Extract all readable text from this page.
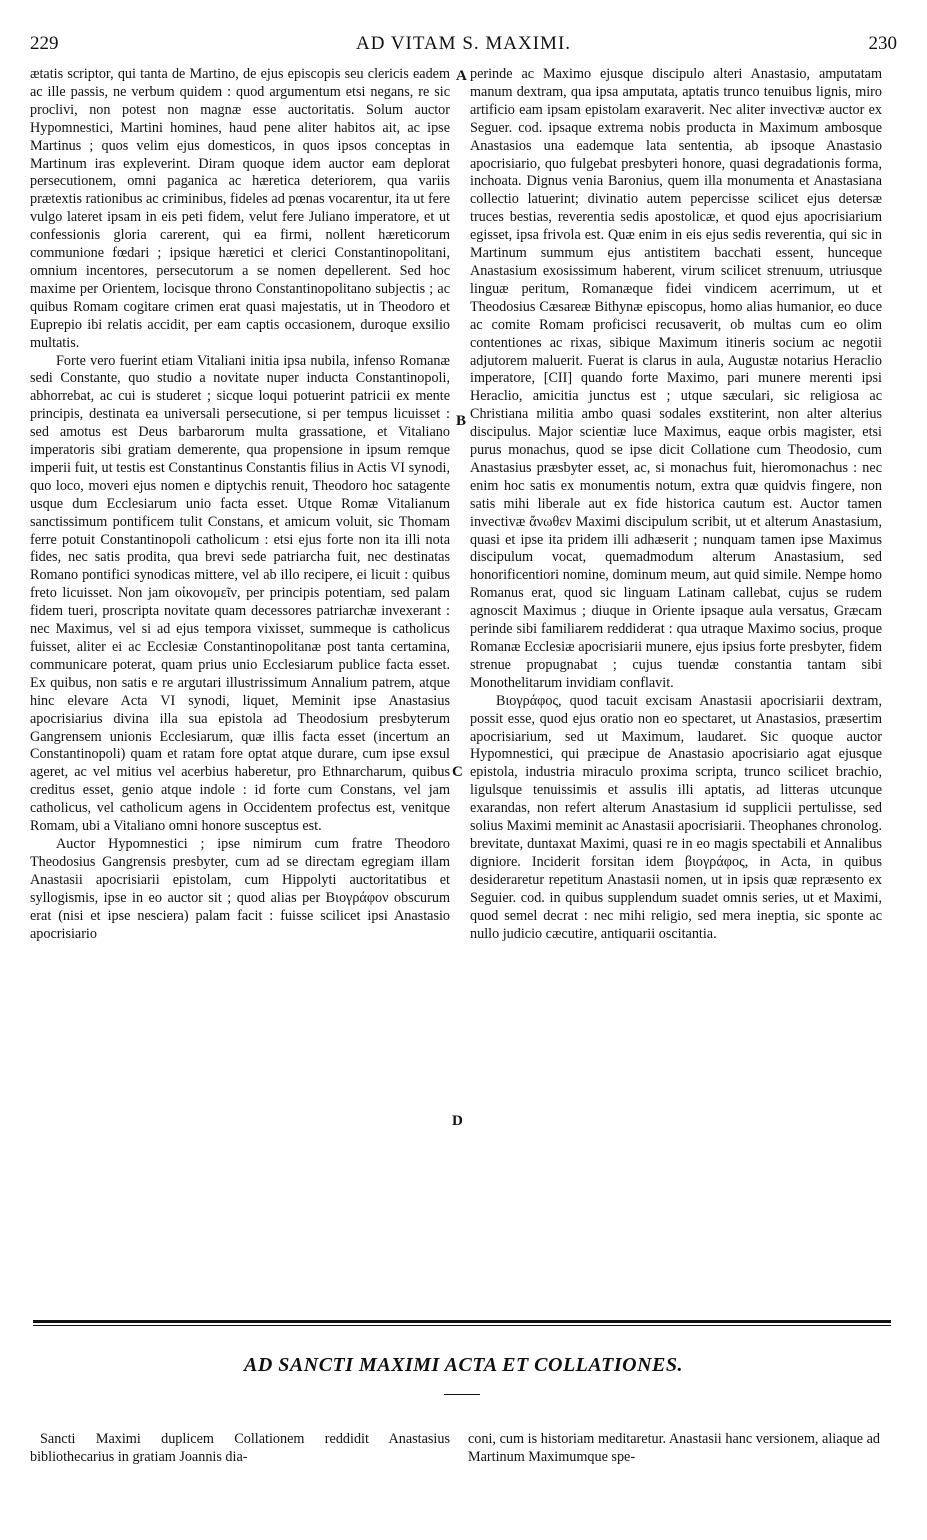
229	AD VITAM S. MAXIMI.	230

ætatis scriptor, qui tanta de Martino, de ejus episcopis seu clericis eadem ac ille passis, ne verbum quidem : quod argumentum etsi negans, re sic proclivi, non potest non magnæ esse auctoritatis. Solum auctor Hypomnestici, Martini homines, haud pene aliter habitos ait, ac ipse Martinus ; quos velim ejus domesticos, in quos ipsos conceptas in Martinum iras expleverint. Diram quoque idem auctor eam deplorat persecutionem, omni paganica ac hæretica deteriorem, qua variis prætextis rationibus ac criminibus, fideles ad pœnas vocarentur, ita ut fere vulgo lateret ipsam in eis peti fidem, velut fere Juliano imperatore, et ut confessionis gloria carerent, qui ea firmi, nollent hæreticorum communione fœdari ; ipsique hæretici et clerici Constantinopolitani, omnium incentores, persecutorum a se nomen depellerent. Sed hoc maxime per Orientem, locisque throno Constantinopolitano subjectis ; ac quibus Romam cogitare crimen erat quasi majestatis, ut in Theodoro et Euprepio ibi relatis accidit, per eam captis occasionem, duroque exsilio multatis.

Forte vero fuerint etiam Vitaliani initia ipsa nubila, infenso Romanæ sedi Constante, quo studio a novitate nuper inducta Constantinopoli, abhorrebat, ac cui is studeret ; sicque loqui potuerint patricii ex mente principis, destinata ea universali persecutione, si per tempus licuisset : sed amotus est Deus barbarorum multa grassatione, et Vitaliano imperatoris sibi gratiam demerente, qua propensione in ipsum remque imperii fuit, ut testis est Constantinus Constantis filius in Actis VI synodi, quo loco, moveri ejus nomen e diptychis renuit, Theodoro hoc satagente usque dum Ecclesiarum unio facta esset. Utque Romæ Vitalianum sanctissimum pontificem tulit Constans, et amicum voluit, sic Thomam ferre potuit Constantinopoli catholicum : etsi ejus forte non ita illi nota fides, nec satis prodita, qua brevi sede patriarcha fuit, nec destinatas Romano pontifici synodicas mittere, vel ab illo recipere, ei licuit : quibus freto licuisset. Non jam οἰκονομεῖν, per principis potentiam, sed palam fidem tueri, proscripta novitate quam decessores patriarchæ invexerant : nec Maximus, vel si ad ejus tempora vixisset, summeque is catholicus fuisset, aliter ei ac Ecclesiæ Constantinopolitanæ post tanta certamina, communicare poterat, quam prius unio Ecclesiarum publice facta esset. Ex quibus, non satis e re argutari illustrissimum Annalium patrem, atque hinc elevare Acta VI synodi, liquet, Meminit ipse Anastasius apocrisiarius divina illa sua epistola ad Theodosium presbyterum Gangrensem unionis Ecclesiarum, quæ illis facta esset (incertum an Constantinopoli) quam et ratam fore optat atque durare, cum ipse exsul ageret, ac vel mitius vel acerbius haberetur, pro Ethnarcharum, quibus creditus esset, genio atque indole : id forte cum Constans, vel jam catholicus, vel catholicum agens in Occidentem profectus est, venitque Romam, ubi a Vitaliano omni honore susceptus est.

Auctor Hypomnestici ; ipse nimirum cum fratre Theodoro Theodosius Gangrensis presbyter, cum ad se directam egregiam illam Anastasii apocrisiarii epistolam, cum Hippolyti auctoritatibus et syllogismis, ipse in eo auctor sit ; quod alias per Βιογράφον obscurum erat (nisi et ipse nesciera) palam facit : fuisse scilicet ipsi Anastasio apocrisiario

A
B
C
D

perinde ac Maximo ejusque discipulo alteri Anastasio, amputatam manum dextram, qua ipsa amputata, aptatis trunco tenuibus lignis, miro artificio eam ipsam epistolam exaraverit. Nec aliter invectivæ auctor ex Seguer. cod. ipsaque extrema nobis producta in Maximum ambosque Anastasios una eademque lata sententia, ab ipsoque Anastasio apocrisiario, quo fulgebat presbyteri honore, quasi degradationis forma, inchoata. Dignus venia Baronius, quem illa monumenta et Anastasiana collectio latuerint; divinatio autem pepercisse scilicet ejus detersæ truces bestias, reverentia sedis apostolicæ, et quod ejus apocrisiarium egisset, ipsa frivola est. Quæ enim in eis ejus sedis reverentia, qui sic in Martinum summum ejus antistitem bacchati essent, hunceque Anastasium exosissimum haberent, virum scilicet strenuum, utriusque linguæ peritum, Romanæque fidei vindicem acerrimum, ut et Theodosius Cæsareæ Bithynæ episcopus, homo alias humanior, eo duce ac comite Romam proficisci recusaverit, ob multas cum eo olim contentiones ac rixas, sibique Maximum itineris socium ac negotii adjutorem maluerit. Fuerat is clarus in aula, Augustæ notarius Heraclio imperatore, [CII] quando forte Maximo, pari munere merenti ipsi Heraclio, amicitia junctus est ; utque sæculari, sic religiosa ac Christiana militia ambo quasi sodales exstiterint, non alter alterius discipulus. Major scientiæ luce Maximus, eaque orbis magister, etsi purus monachus, quod se ipse dicit Collatione cum Theodosio, cum Anastasius præsbyter esset, ac, si monachus fuit, hieromonachus : nec enim hoc satis ex monumentis notum, extra quæ quidvis fingere, non satis mihi liberale aut ex fide historica cautum est. Auctor tamen invectivæ ἄνωθεν Maximi discipulum scribit, ut et alterum Anastasium, quasi et ipse ita pridem illi adhæserit ; nunquam tamen ipse Maximus discipulum vocat, quemadmodum alterum Anastasium, sed honorificentiori nomine, dominum meum, aut quid simile. Nempe homo Romanus erat, quod sic linguam Latinam callebat, cujus se rudem agnoscit Maximus ; diuque in Oriente ipsaque aula versatus, Græcam perinde sibi familiarem reddiderat : qua utraque Maximo socius, proque Romanæ Ecclesiæ apocrisiarii munere, ejus ipsius forte presbyter, fidem strenue propugnabat ; cujus tuendæ constantia tantam sibi Monothelitarum invidiam conflavit.

Βιογράφος, quod tacuit excisam Anastasii apocrisiarii dextram, possit esse, quod ejus oratio non eo spectaret, ut Anastasios, præsertim apocrisiarium, sed ut Maximum, laudaret. Sic quoque auctor Hypomnestici, qui præcipue de Anastasio apocrisiario agat ejusque epistola, industria miraculo proxima scripta, trunco scilicet brachio, ligulsque tenuissimis et assulis illi aptatis, ad litteras utcunque exarandas, non refert alterum Anastasium id supplicii pertulisse, sed solius Maximi meminit ac Anastasii apocrisiarii. Theophanes chronolog. brevitate, duntaxat Maximi, quasi re in eo magis spectabili et Annalibus digniore. Inciderit forsitan idem βιογράφος, in Acta, in quibus desideraretur repetitum Anastasii nomen, ut in ipsis quæ repræsento ex Seguier. cod. in quibus supplendum suadet omnis series, ut et Maximi, quod semel decrat : nec mihi religio, sed mera ineptia, sic sponte ac nullo judicio cæcutire, antiquarii oscitantia.

AD SANCTI MAXIMI ACTA ET COLLATIONES.
Sancti Maximi duplicem Collationem reddidit Anastasius bibliothecarius in gratiam Joannis dia-
coni, cum is historiam meditaretur. Anastasii hanc versionem, aliaque ad Martinum Maximumque spe-
